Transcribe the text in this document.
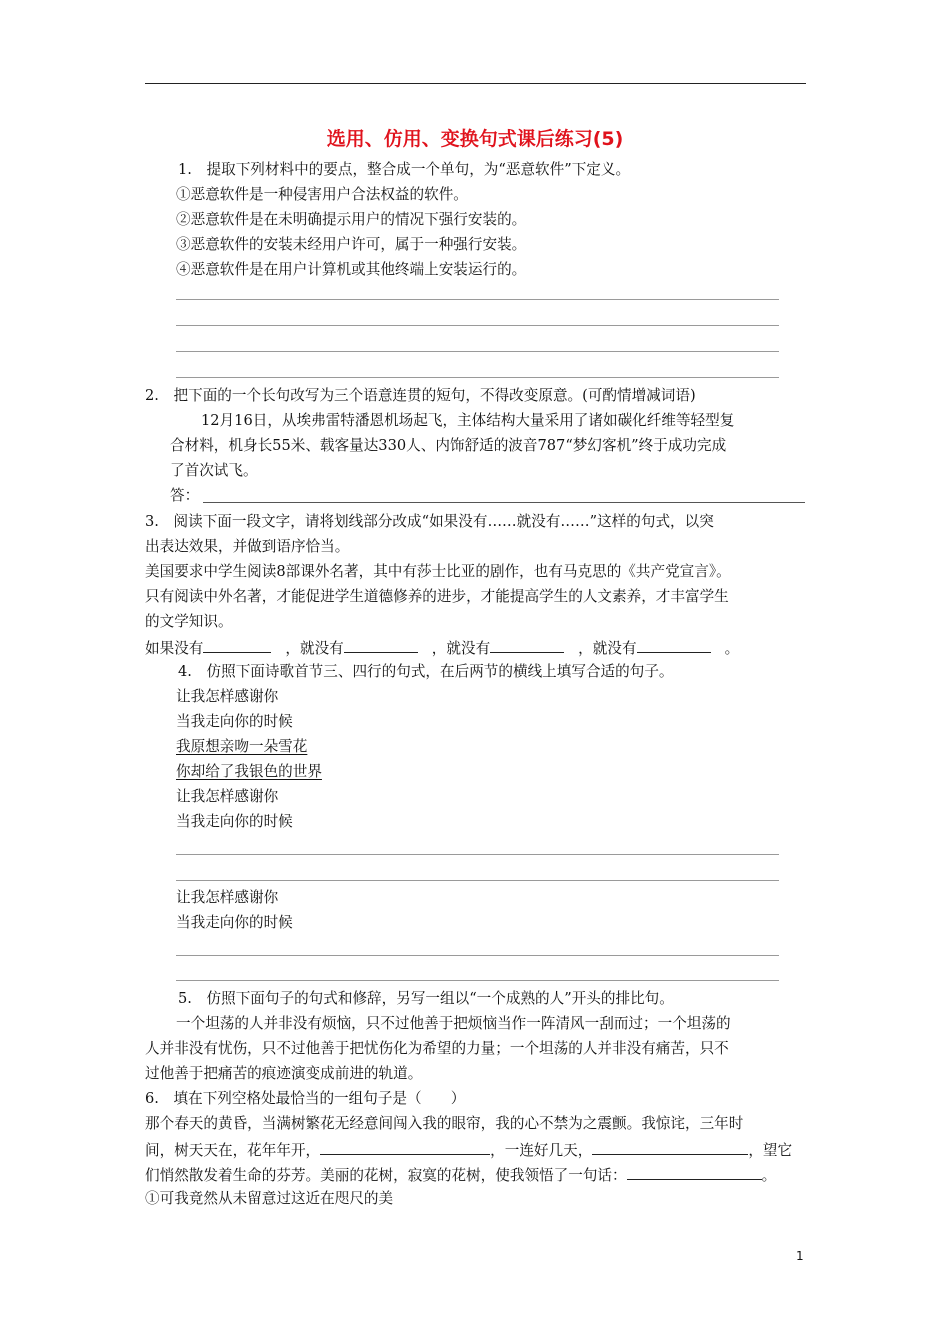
选用、仿用、变换句式课后练习(5)
1.　提取下列材料中的要点，整合成一个单句，为“恶意软件”下定义。
①恶意软件是一种侵害用户合法权益的软件。
②恶意软件是在未明确提示用户的情况下强行安装的。
③恶意软件的安装未经用户许可，属于一种强行安装。
④恶意软件是在用户计算机或其他终端上安装运行的。
2.　把下面的一个长句改写为三个语意连贯的短句，不得改变原意。(可酌情增减词语)
12月16日，从埃弗雷特潘恩机场起飞，主体结构大量采用了诸如碳化纤维等轻型复
合材料，机身长55米、载客量达330人、内饰舒适的波音787“梦幻客机”终于成功完成
了首次试飞。
答：
3.　阅读下面一段文字，请将划线部分改成“如果没有……就没有……”这样的句式，以突
出表达效果，并做到语序恰当。
美国要求中学生阅读8部课外名著，其中有莎士比亚的剧作，也有马克思的《共产党宣言》。
只有阅读中外名著，才能促进学生道德修养的进步，才能提高学生的人文素养，才丰富学生
的文学知识。
如果没有	，就没有	，就没有	，就没有	。
4.　仿照下面诗歌首节三、四行的句式，在后两节的横线上填写合适的句子。
让我怎样感谢你
当我走向你的时候
我原想亲吻一朵雪花
你却给了我银色的世界
让我怎样感谢你
当我走向你的时候
让我怎样感谢你
当我走向你的时候
5.　仿照下面句子的句式和修辞，另写一组以“一个成熟的人”开头的排比句。
一个坦荡的人并非没有烦恼，只不过他善于把烦恼当作一阵清风一刮而过；一个坦荡的
人并非没有忧伤，只不过他善于把忧伤化为希望的力量；一个坦荡的人并非没有痛苦，只不
过他善于把痛苦的痕迹演变成前进的轨道。
6.　填在下列空格处最恰当的一组句子是（　　）
那个春天的黄昏，当满树繁花无经意间闯入我的眼帘，我的心不禁为之震颤。我惊诧，三年时
间，树天天在，花年年开，	，一连好几天，	，望它
们悄然散发着生命的芬芳。美丽的花树，寂寞的花树，使我领悟了一句话：	。
①可我竟然从未留意过这近在咫尺的美
1
